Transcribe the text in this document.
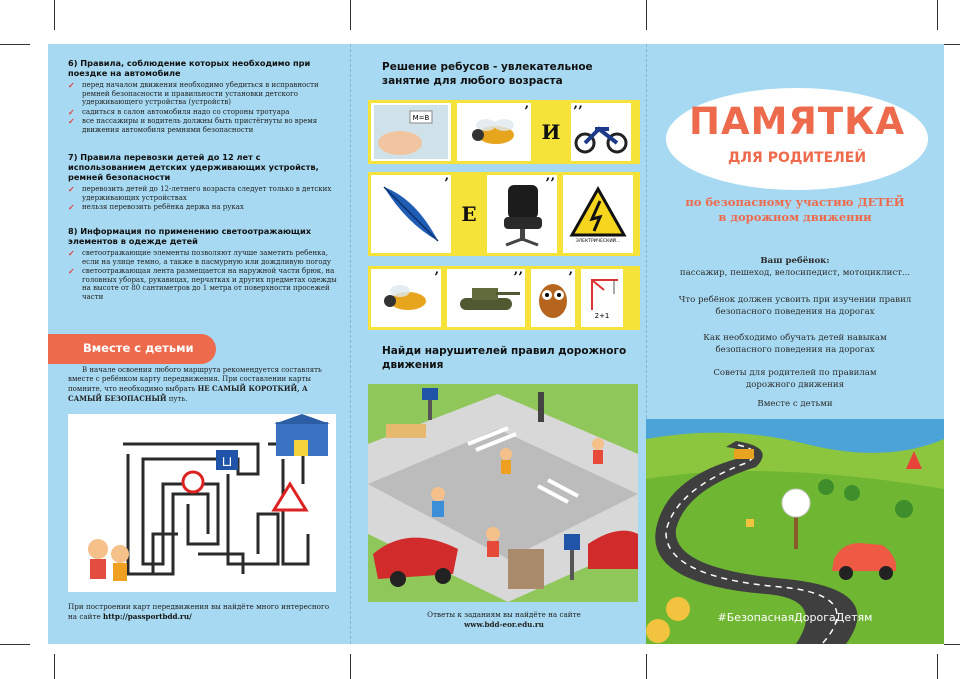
6) Правила, соблюдение которых необходимо при поездке на автомобиле
✓ перед началом движения необходимо убедиться в исправности ремней безопасности и правильности установки детского удерживающего устройства (устройств)
✓ садиться в салон автомобиля надо со стороны тротуара
✓ все пассажиры и водитель должны быть пристёгнуты во время движения автомобиля ремнями безопасности
7) Правила перевозки детей до 12 лет с использованием детских удерживающих устройств, ремней безопасности
✓ перевозить детей до 12-летнего возраста следует только в детских удерживающих устройствах
✓ нельзя перевозить ребёнка держа на руках
8) Информация по применению светоотражающих элементов в одежде детей
✓ светоотражающие элементы позволяют лучше заметить ребенка, если на улице темно, а также в пасмурную или дождливую погоду
✓ светоотражающая лента размещается на наружной части брюк, на головных уборах, рукавицах, перчатках и других предметах одежды на высоте от 80 сантиметров до 1 метра от поверхности просежей части
Вместе с детьми
В начале освоения любого маршрута рекомендуется составлять вместе с ребёнком карту передвижения. При составлении карты помните, что необходимо выбрать НЕ САМЫЙ КОРОТКИЙ, А САМЫЙ БЕЗОПАСНЫЙ путь.
⊔
При построении карт передвижения вы найдёте много интересного на сайте http://passportbdd.ru/
Решение ребусов - увлекательное занятие для любого возраста
M=B	’
И
’’
’
Е
’’
ЭЛЕКТРИЧЕСКИЙ...
’	’’	’
2+1
Найди нарушителей правил дорожного движения
Ответы к заданиям вы найдёте на сайте
www.bdd-eor.edu.ru
ПАМЯТКА
ДЛЯ РОДИТЕЛЕЙ
по безопасному участию ДЕТЕЙ
в дорожном движении
Ваш ребёнок:
пассажир, пешеход, велосипедист, мотоциклист...
Что ребёнок должен усвоить при изучении правил
безопасного поведения на дорогах
Как необходимо обучать детей навыкам
безопасного поведения на дорогах
Советы для родителей по правилам
дорожного движения
Вместе с детьми
#БезопаснаяДорогаДетям
